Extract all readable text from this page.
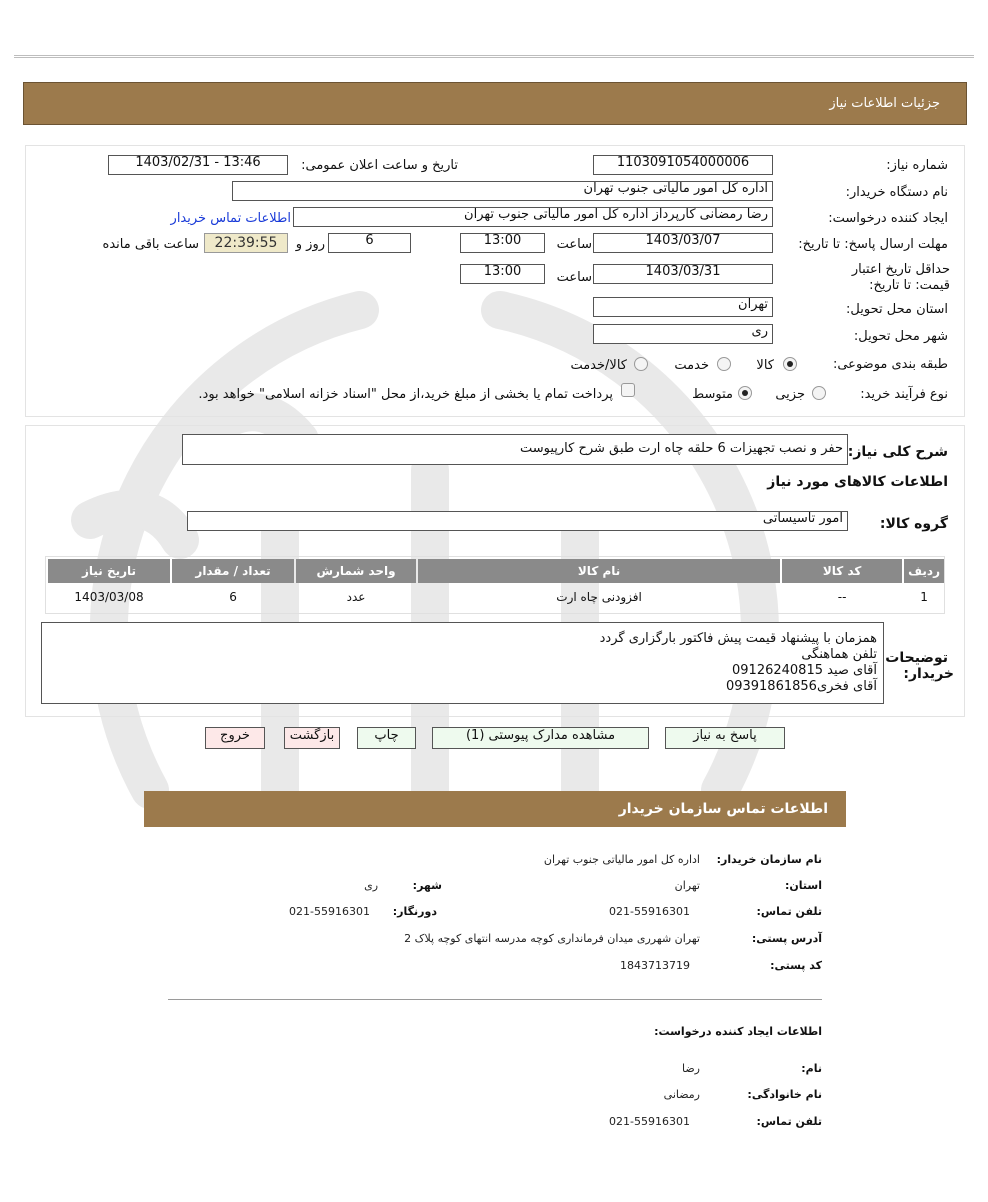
جزئیات اطلاعات نیاز
شماره نیاز:
1103091054000006
تاریخ و ساعت اعلان عمومی:
1403/02/31 - 13:46
نام دستگاه خریدار:
اداره کل امور مالیاتی جنوب تهران
ایجاد کننده درخواست:
رضا رمضانی کارپرداز اداره کل امور مالیاتی جنوب تهران
اطلاعات تماس خریدار
مهلت ارسال پاسخ: تا تاریخ:
1403/03/07
ساعت
13:00
6
روز و
22:39:55
ساعت باقی مانده
حداقل تاریخ اعتبار قیمت: تا تاریخ:
1403/03/31
ساعت
13:00
استان محل تحویل:
تهران
شهر محل تحویل:
ری
طبقه بندی موضوعی:
کالا
خدمت
کالا/خدمت
نوع فرآیند خرید:
جزیی
متوسط
پرداخت تمام یا بخشی از مبلغ خرید،از محل "اسناد خزانه اسلامی" خواهد بود.
شرح کلی نیاز:
حفر و نصب تجهیزات 6 حلقه چاه ارت طبق شرح کارپیوست
اطلاعات کالاهای مورد نیاز
گروه کالا:
امور تاسیساتی
ردیف	کد کالا	نام کالا	واحد شمارش	تعداد / مقدار	تاریخ نیاز
1	--	افزودنی چاه ارت	عدد	6	1403/03/08
توضیحات
خریدار:
همزمان با پیشنهاد قیمت پیش فاکتور بارگزاری گردد
تلفن هماهنگی
آقای صید 09126240815
آقای فخری09391861856
پاسخ به نیاز
مشاهده مدارک پیوستی (1)
چاپ
بازگشت
خروج
اطلاعات تماس سازمان خریدار
نام سازمان خریدار:
اداره کل امور مالیاتی جنوب تهران
استان:
تهران
شهر:
ری
تلفن تماس:
021-55916301
دورنگار:
021-55916301
آدرس پستی:
تهران شهرری میدان فرمانداری کوچه مدرسه انتهای کوچه پلاک 2
کد پستی:
1843713719
اطلاعات ایجاد کننده درخواست:
نام:
رضا
نام خانوادگی:
رمضانی
تلفن تماس:
021-55916301
